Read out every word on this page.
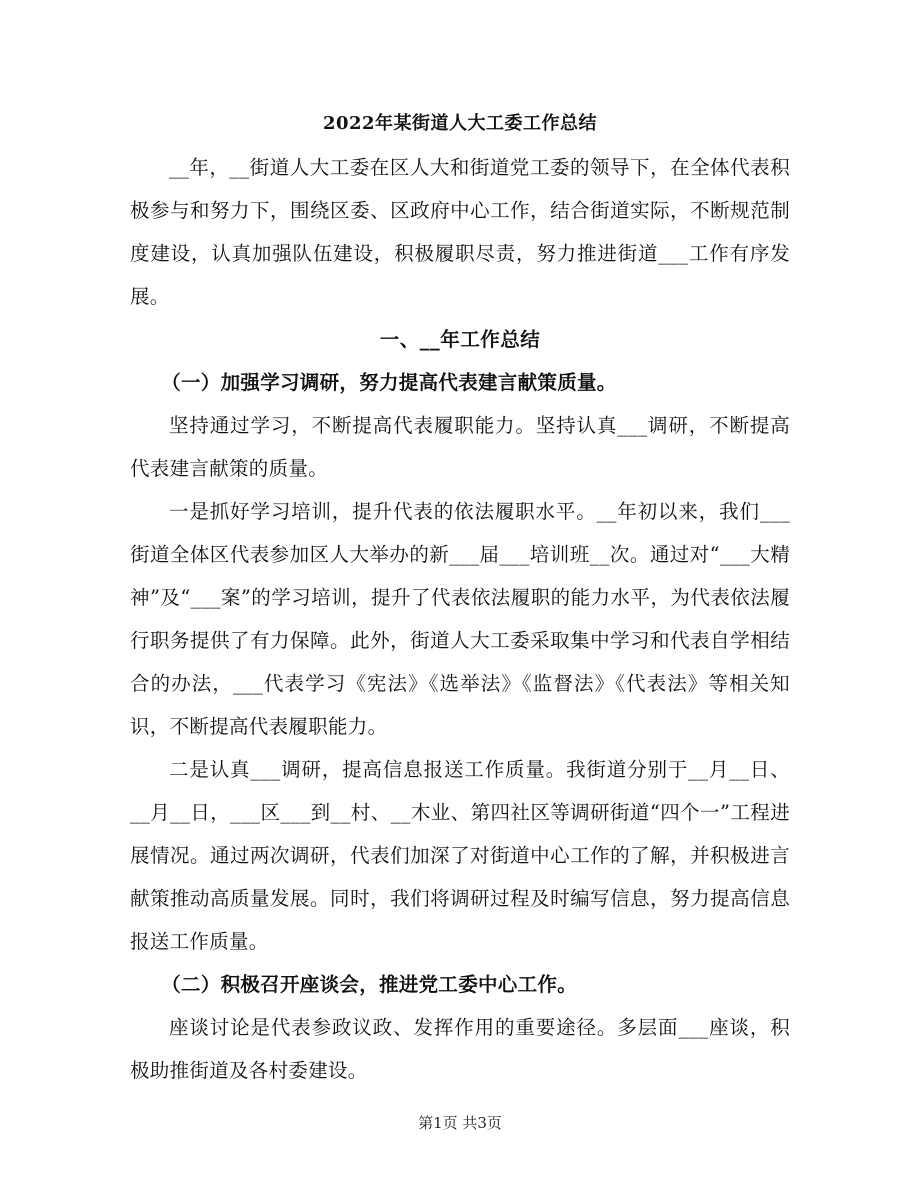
2022年某街道人大工委工作总结

__年，__街道人大工委在区人大和街道党工委的领导下，在全体代表积极参与和努力下，围绕区委、区政府中心工作，结合街道实际，不断规范制度建设，认真加强队伍建设，积极履职尽责，努力推进街道___工作有序发展。

一、__年工作总结

（一）加强学习调研，努力提高代表建言献策质量。

坚持通过学习，不断提高代表履职能力。坚持认真___调研，不断提高代表建言献策的质量。

一是抓好学习培训，提升代表的依法履职水平。__年初以来，我们___街道全体区代表参加区人大举办的新___届___培训班__次。通过对“___大精神”及“___案”的学习培训，提升了代表依法履职的能力水平，为代表依法履行职务提供了有力保障。此外，街道人大工委采取集中学习和代表自学相结合的办法，___代表学习《宪法》《选举法》《监督法》《代表法》等相关知识，不断提高代表履职能力。

二是认真___调研，提高信息报送工作质量。我街道分别于__月__日、__月__日，___区___到__村、__木业、第四社区等调研街道“四个一”工程进展情况。通过两次调研，代表们加深了对街道中心工作的了解，并积极进言献策推动高质量发展。同时，我们将调研过程及时编写信息，努力提高信息报送工作质量。

（二）积极召开座谈会，推进党工委中心工作。

座谈讨论是代表参政议政、发挥作用的重要途径。多层面___座谈，积极助推街道及各村委建设。

第1页 共3页
